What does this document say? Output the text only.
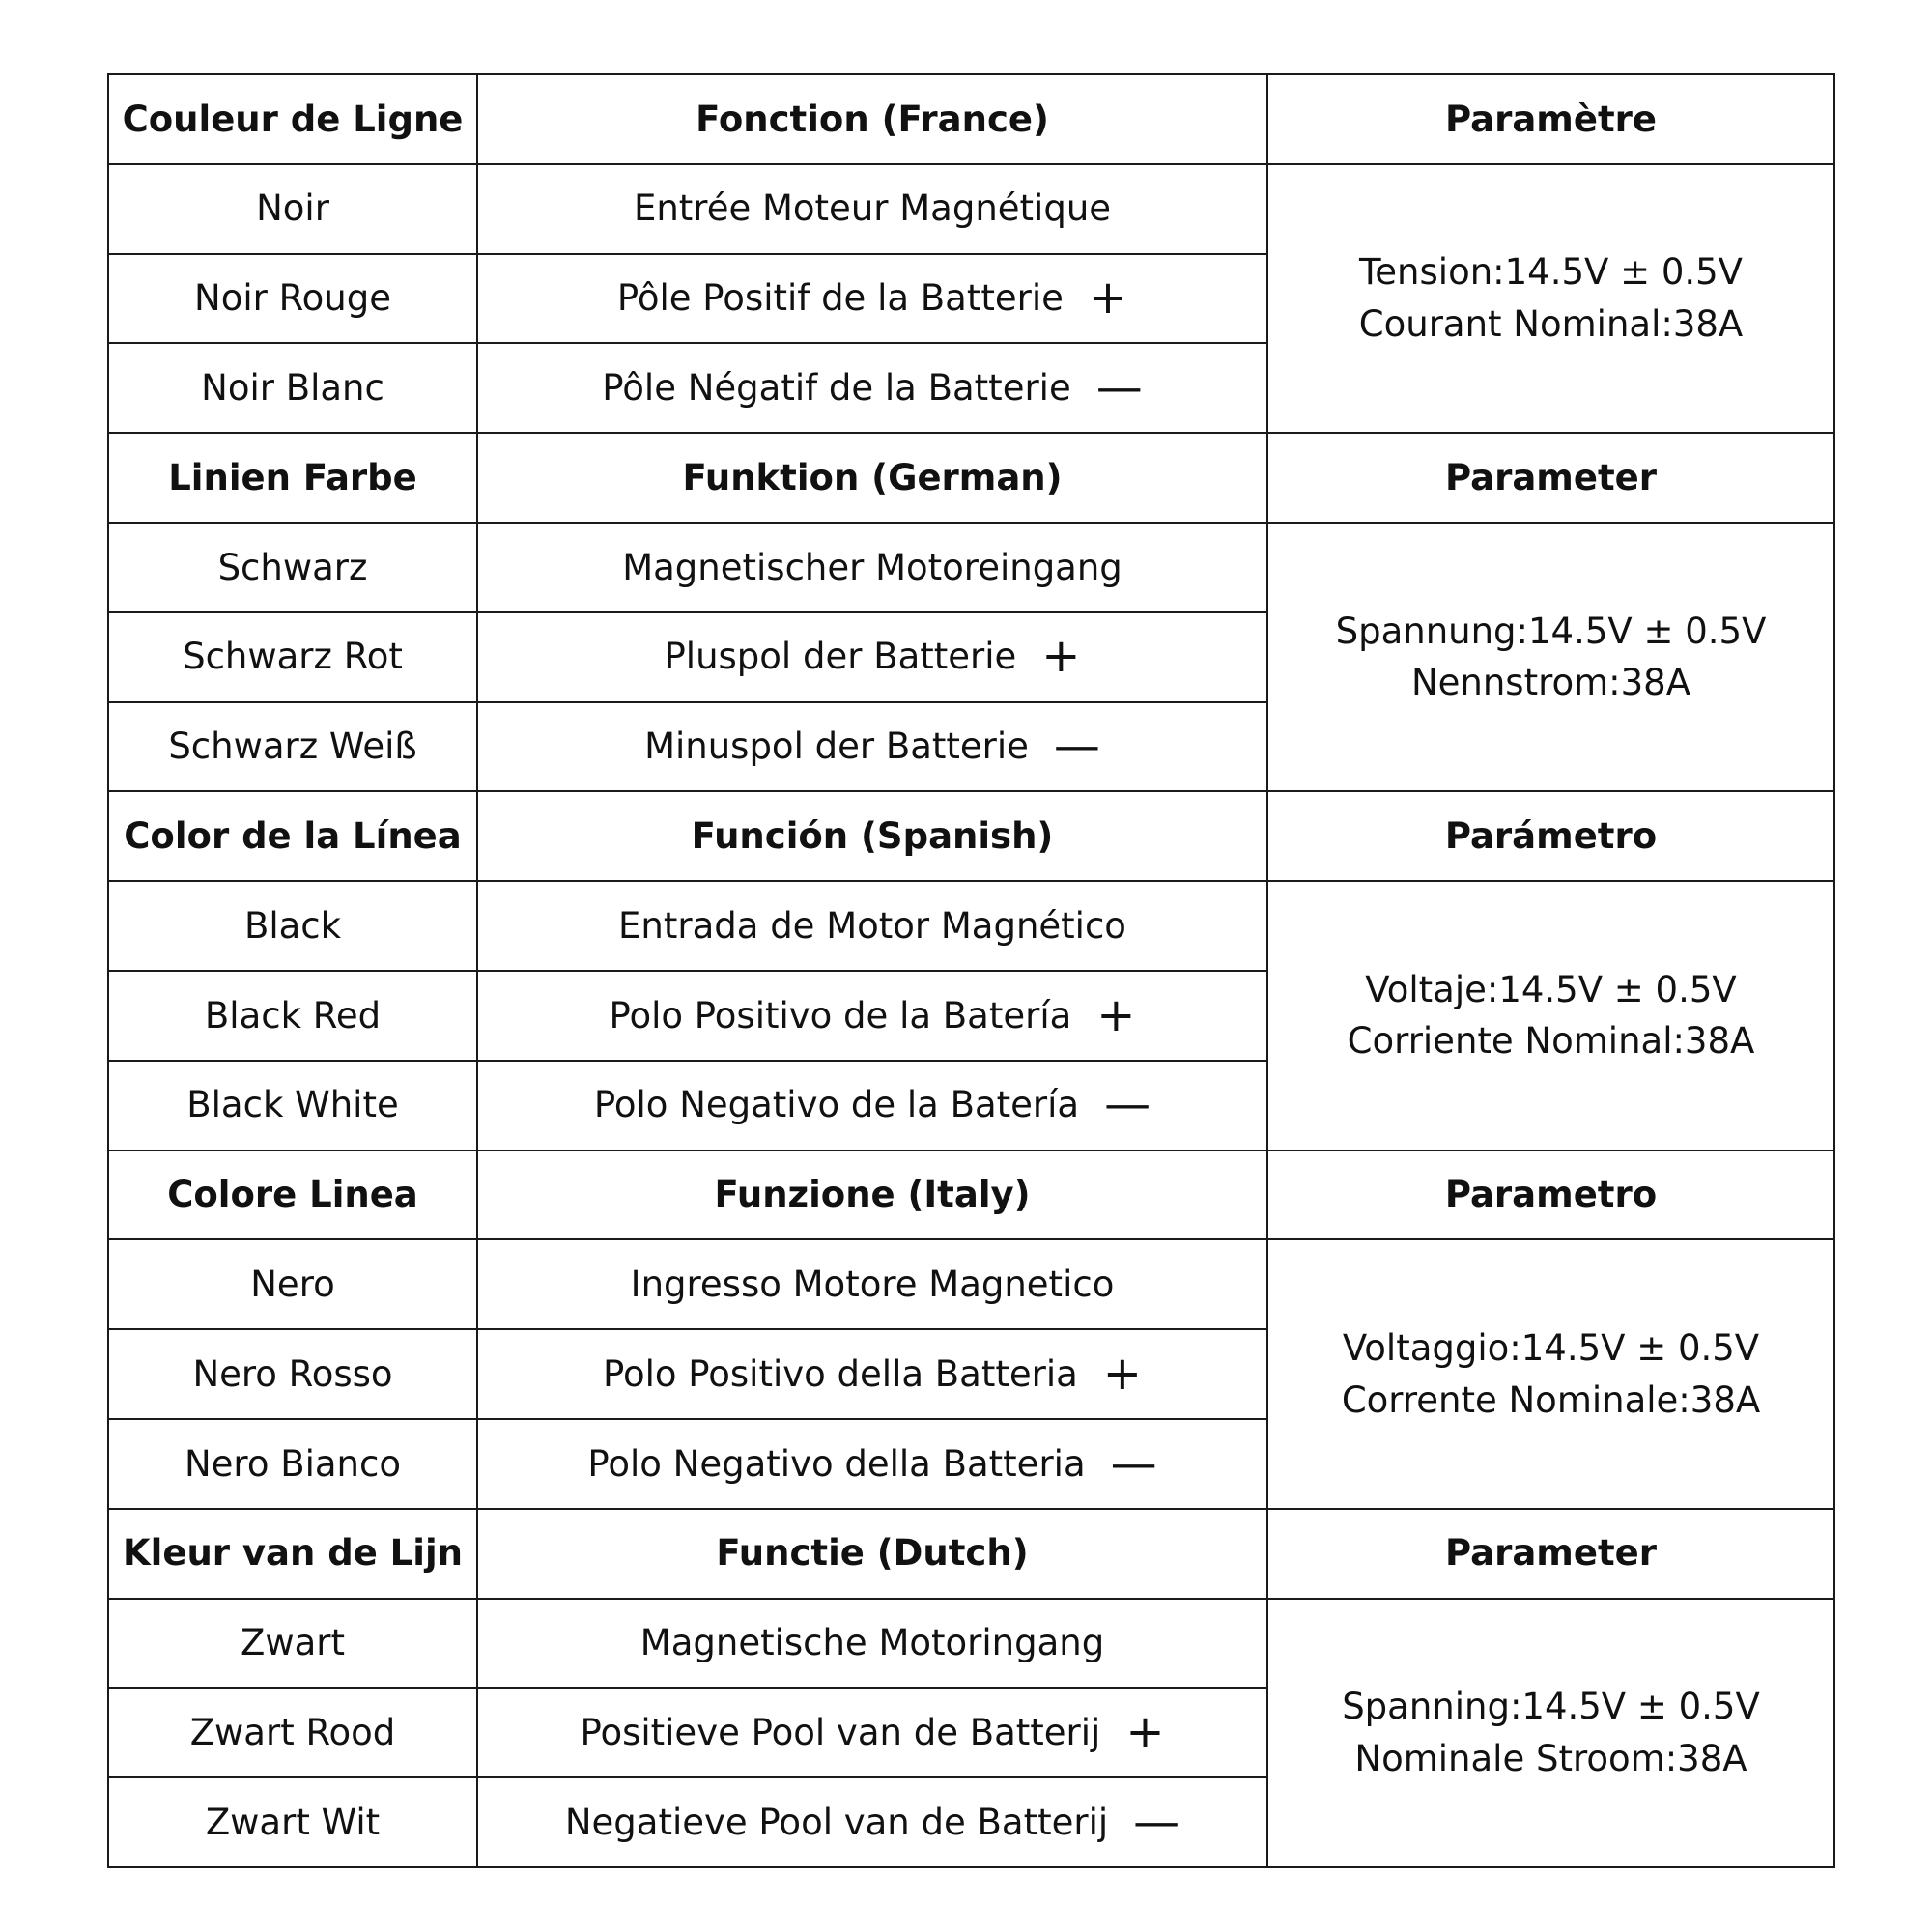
Couleur de Ligne	Fonction (France)	Paramètre
Noir	Entrée Moteur Magnétique	Tension:14.5V ± 0.5V
Courant Nominal:38A

Noir Rouge	Pôle Positif de la Batterie +	
Noir Blanc	Pôle Négatif de la Batterie —	
Linien Farbe	Funktion (German)	Parameter
Schwarz	Magnetischer Motoreingang	Spannung:14.5V ± 0.5V
Nennstrom:38A

Schwarz Rot	Pluspol der Batterie +	
Schwarz Weiß	Minuspol der Batterie —	
Color de la Línea	Función (Spanish)	Parámetro
Black	Entrada de Motor Magnético	Voltaje:14.5V ± 0.5V
Corriente Nominal:38A

Black Red	Polo Positivo de la Batería +	
Black White	Polo Negativo de la Batería —	
Colore Linea	Funzione (Italy)	Parametro
Nero	Ingresso Motore Magnetico	Voltaggio:14.5V ± 0.5V
Corrente Nominale:38A

Nero Rosso	Polo Positivo della Batteria +	
Nero Bianco	Polo Negativo della Batteria —	
Kleur van de Lijn	Functie (Dutch)	Parameter
Zwart	Magnetische Motoringang	Spanning:14.5V ± 0.5V
Nominale Stroom:38A

Zwart Rood	Positieve Pool van de Batterij +	
Zwart Wit	Negatieve Pool van de Batterij —	
